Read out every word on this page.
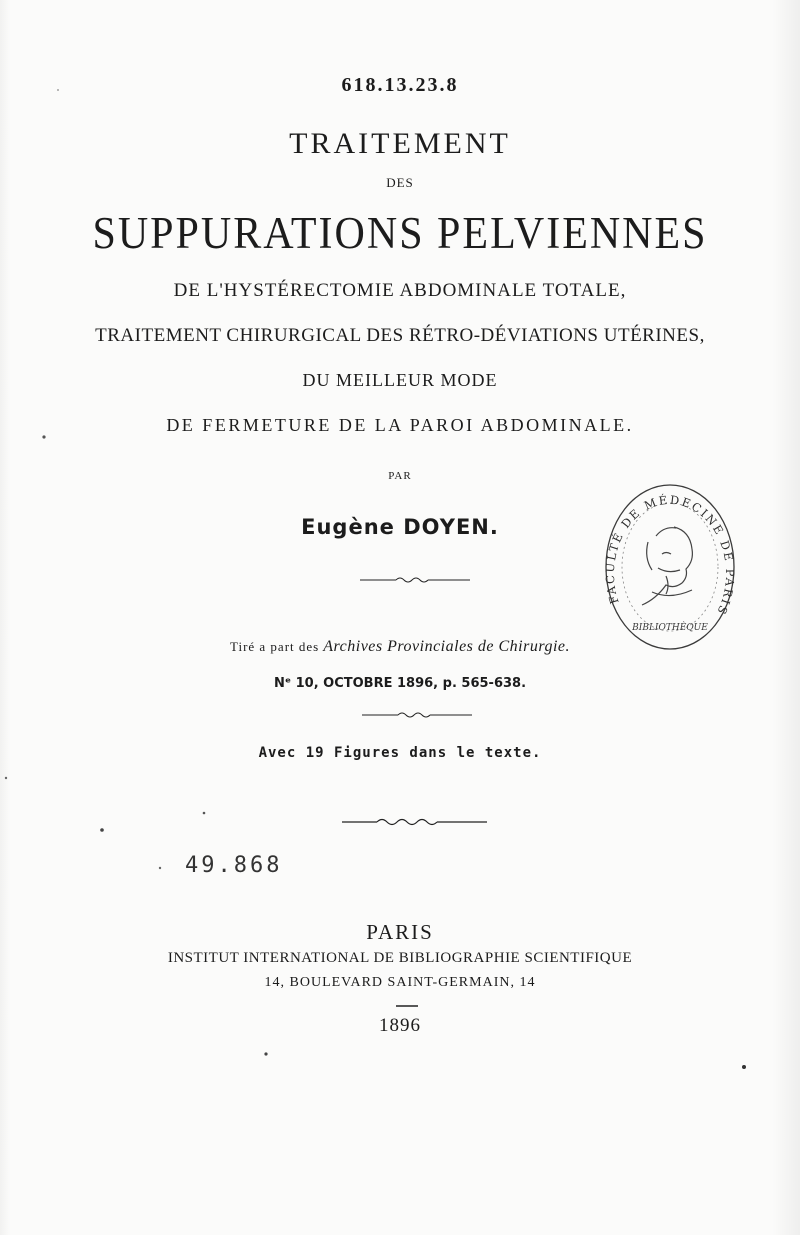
618.13.23.8
TRAITEMENT
DES
SUPPURATIONS PELVIENNES
DE L'HYSTÉRECTOMIE ABDOMINALE TOTALE,
TRAITEMENT CHIRURGICAL DES RÉTRO-DÉVIATIONS UTÉRINES,
DU MEILLEUR MODE
DE FERMETURE DE LA PAROI ABDOMINALE.
PAR
Eugène DOYEN.
Tiré a part des Archives Provinciales de Chirurgie.
Nᵉ 10, OCTOBRE 1896, p. 565-638.
Avec 19 Figures dans le texte.
49.868
PARIS
INSTITUT INTERNATIONAL DE BIBLIOGRAPHIE SCIENTIFIQUE
14, BOULEVARD SAINT-GERMAIN, 14
1896
FACULTÉ DE MÉDECINE DE PARIS
BIBLIOTHÈQUE
